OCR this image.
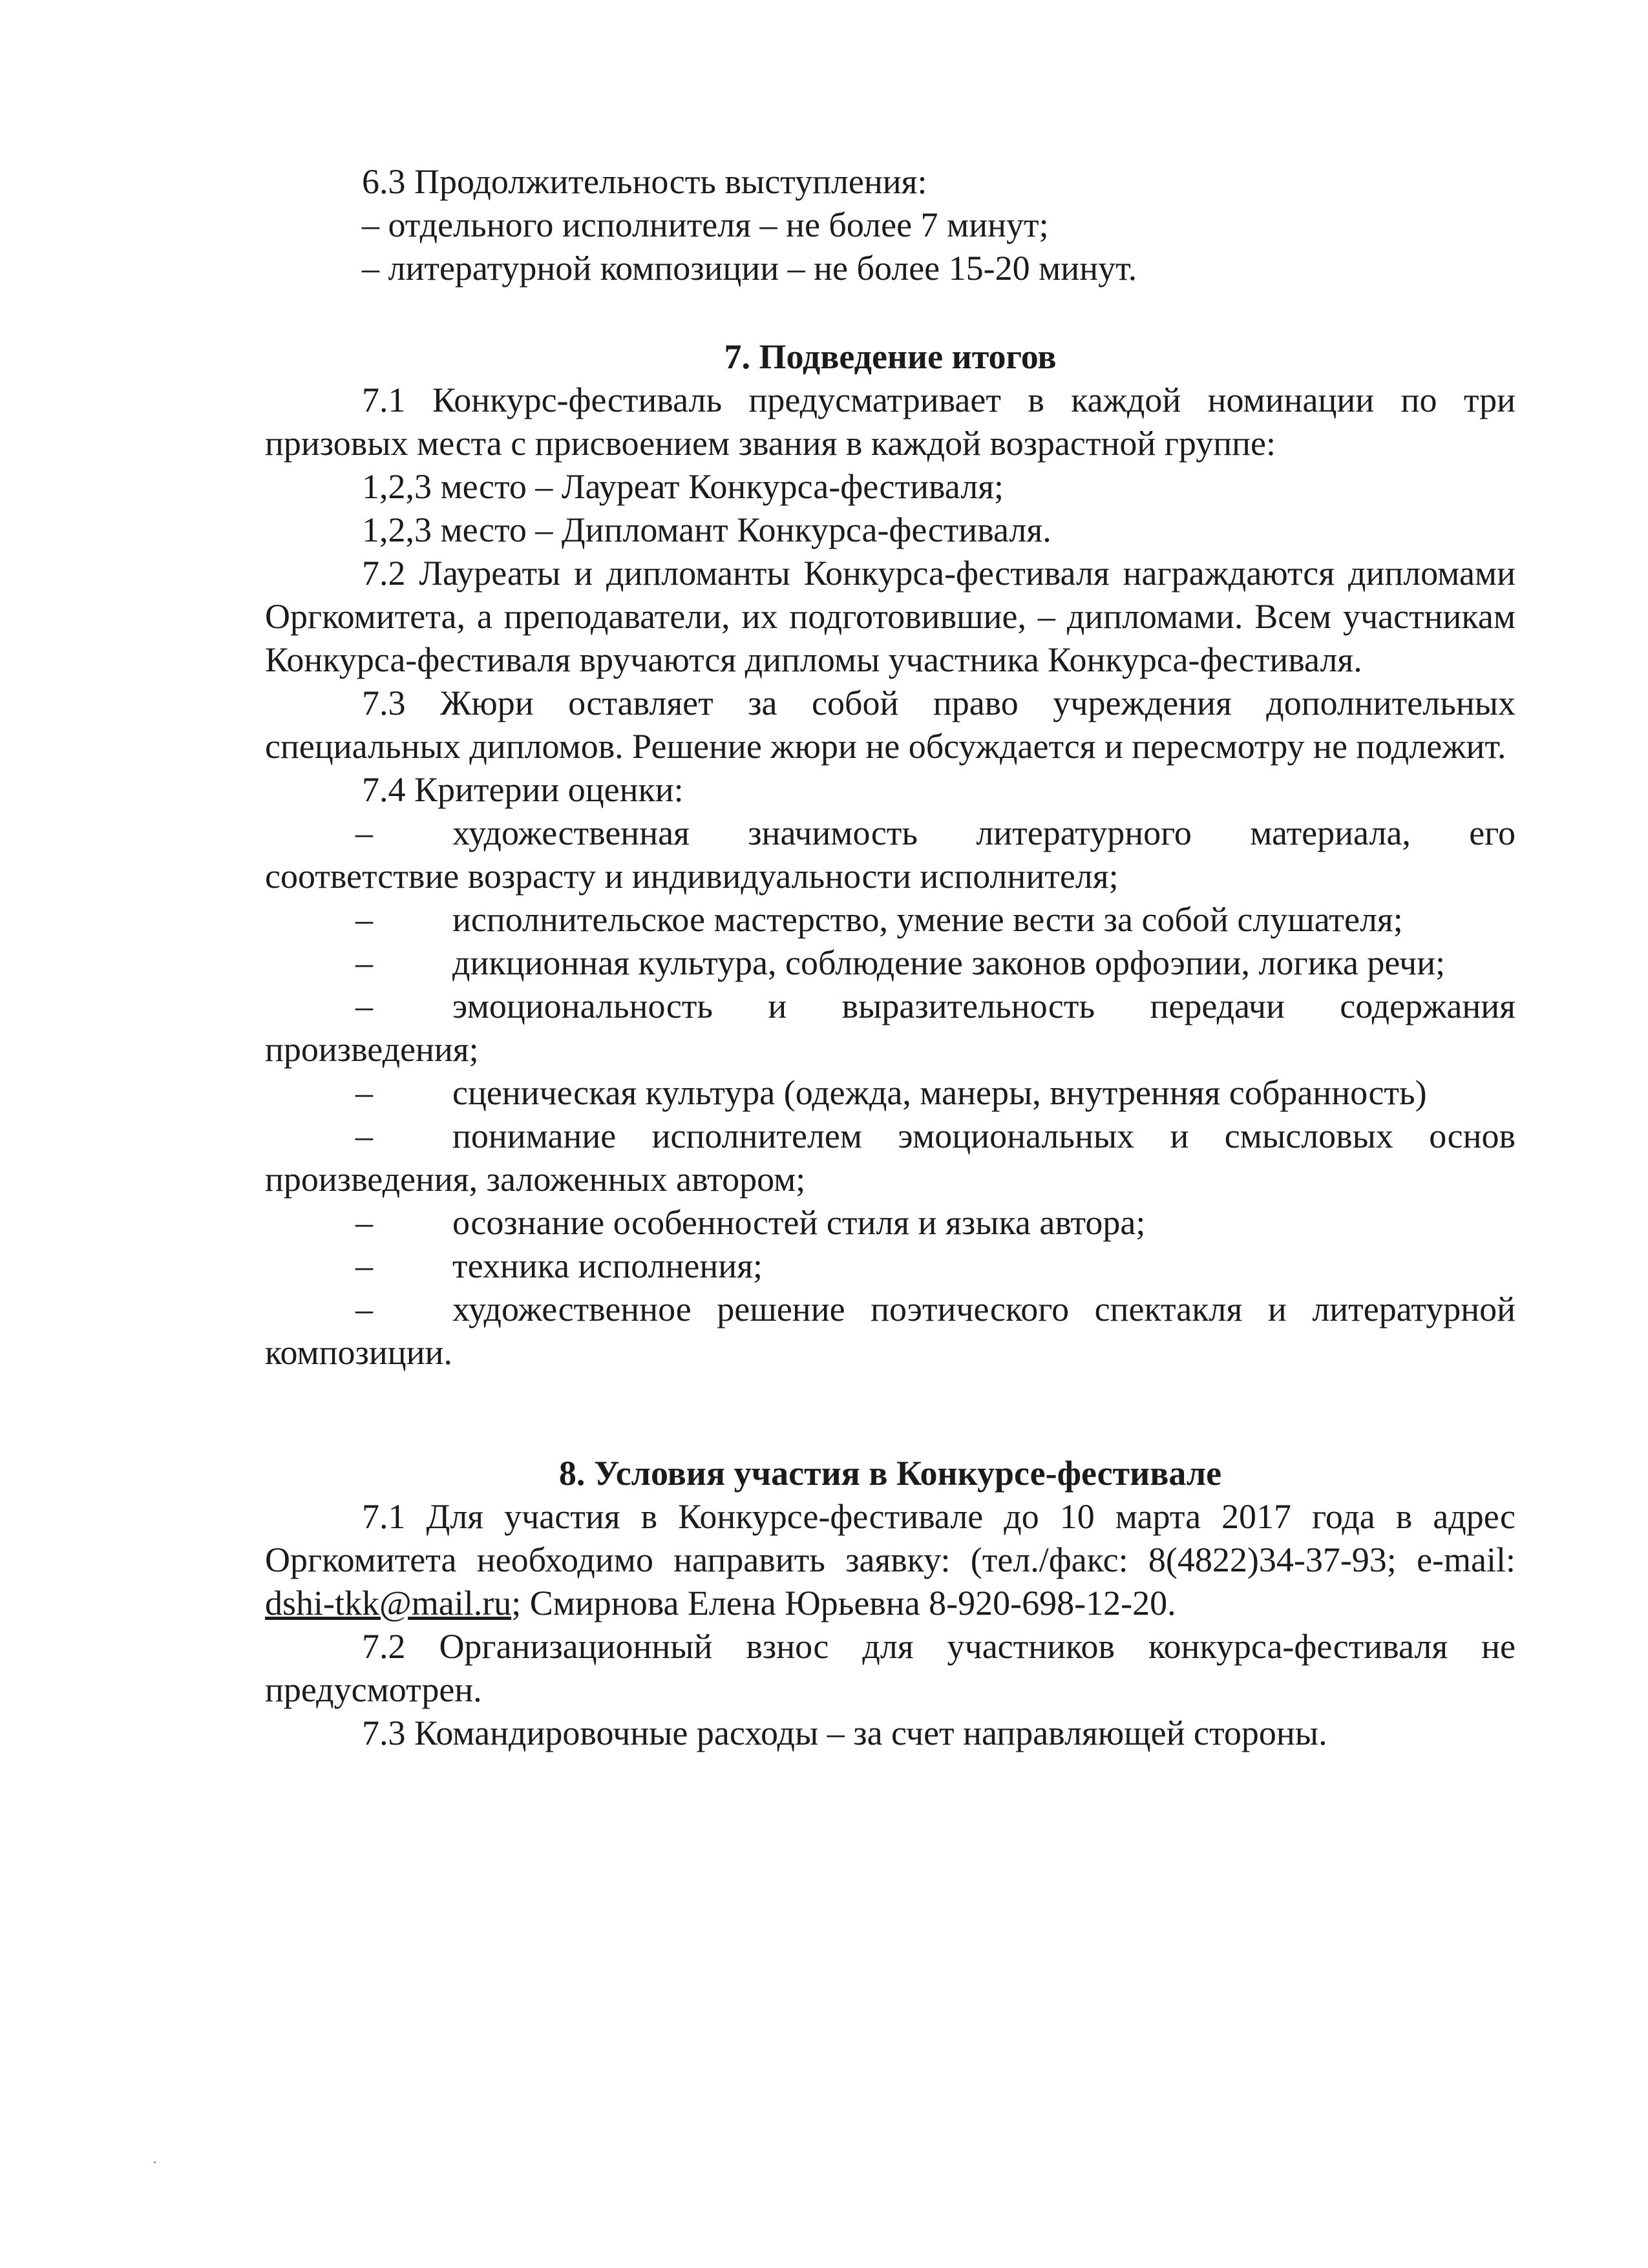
6.3 Продолжительность выступления:

– отдельного исполнителя – не более 7 минут;

– литературной композиции – не более 15-20 минут.

7. Подведение итогов

7.1 Конкурс-фестиваль предусматривает в каждой номинации по три призовых места с присвоением звания в каждой возрастной группе:

1,2,3 место – Лауреат Конкурса-фестиваля;

1,2,3 место – Дипломант Конкурса-фестиваля.

7.2 Лауреаты и дипломанты Конкурса-фестиваля награждаются дипломами Оргкомитета, а преподаватели, их подготовившие, – дипломами. Всем участникам Конкурса-фестиваля вручаются дипломы участника Конкурса-фестиваля.

7.3 Жюри оставляет за собой право учреждения дополнительных специальных дипломов. Решение жюри не обсуждается и пересмотру не подлежит.

7.4 Критерии оценки:

– художественная значимость литературного материала, его соответствие возрасту и индивидуальности исполнителя;

– исполнительское мастерство, умение вести за собой слушателя;

– дикционная культура, соблюдение законов орфоэпии, логика речи;

– эмоциональность и выразительность передачи содержания произведения;

– сценическая культура (одежда, манеры, внутренняя собранность)

– понимание исполнителем эмоциональных и смысловых основ произведения, заложенных автором;

– осознание особенностей стиля и языка автора;

– техника исполнения;

– художественное решение поэтического спектакля и литературной композиции.

8. Условия участия в Конкурсе-фестивале

7.1 Для участия в Конкурсе-фестивале до 10 марта 2017 года в адрес Оргкомитета необходимо направить заявку: (тел./факс: 8(4822)34-37-93; e-mail: dshi-tkk@mail.ru; Смирнова Елена Юрьевна 8-920-698-12-20.

7.2 Организационный взнос для участников конкурса-фестиваля не предусмотрен.

7.3 Командировочные расходы – за счет направляющей стороны.
